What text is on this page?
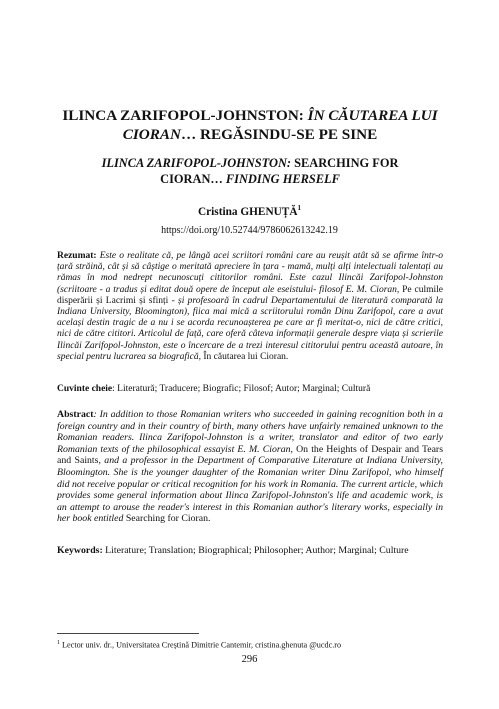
ILINCA ZARIFOPOL-JOHNSTON: ÎN CĂUTAREA LUI CIORAN… REGĂSINDU-SE PE SINE
ILINCA ZARIFOPOL-JOHNSTON: SEARCHING FOR CIORAN… FINDING HERSELF
Cristina GHENUȚĂ$^1$
https://doi.org/10.52744/9786062613242.19
Rezumat: Este o realitate că, pe lângă acei scriitori români care au reușit atât să se afirme într-o țară străină, cât și să câștige o meritată apreciere în țara - mamă, mulți alți intelectuali talentați au rămas în mod nedrept necunoscuți cititorilor români. Este cazul Ilincăi Zarifopol-Johnston (scriitoare - a tradus și editat două opere de început ale eseistului- filosof E. M. Cioran, Pe culmile disperării și Lacrimi și sfinți - și profesoară în cadrul Departamentului de literatură comparată la Indiana University, Bloomington), fiica mai mică a scriitorului român Dinu Zarifopol, care a avut același destin tragic de a nu i se acorda recunoașterea pe care ar fi meritat-o, nici de către critici, nici de către cititori. Articolul de față, care oferă câteva informații generale despre viața și scrierile Ilincăi Zarifopol-Johnston, este o încercare de a trezi interesul cititorului pentru această autoare, în special pentru lucrarea sa biografică, În căutarea lui Cioran.
Cuvinte cheie: Literatură; Traducere; Biografic; Filosof; Autor; Marginal; Cultură
Abstract: In addition to those Romanian writers who succeeded in gaining recognition both in a foreign country and in their country of birth, many others have unfairly remained unknown to the Romanian readers. Ilinca Zarifopol-Johnston is a writer, translator and editor of two early Romanian texts of the philosophical essayist E. M. Cioran, On the Heights of Despair and Tears and Saints, and a professor in the Department of Comparative Literature at Indiana University, Bloomington. She is the younger daughter of the Romanian writer Dinu Zarifopol, who himself did not receive popular or critical recognition for his work in Romania. The current article, which provides some general information about Ilinca Zarifopol-Johnston's life and academic work, is an attempt to arouse the reader's interest in this Romanian author's literary works, especially in her book entitled Searching for Cioran.
Keywords: Literature; Translation; Biographical; Philosopher; Author; Marginal; Culture
$^1$ Lector univ. dr., Universitatea Creștină Dimitrie Cantemir, cristina.ghenuta @ucdc.ro
296
